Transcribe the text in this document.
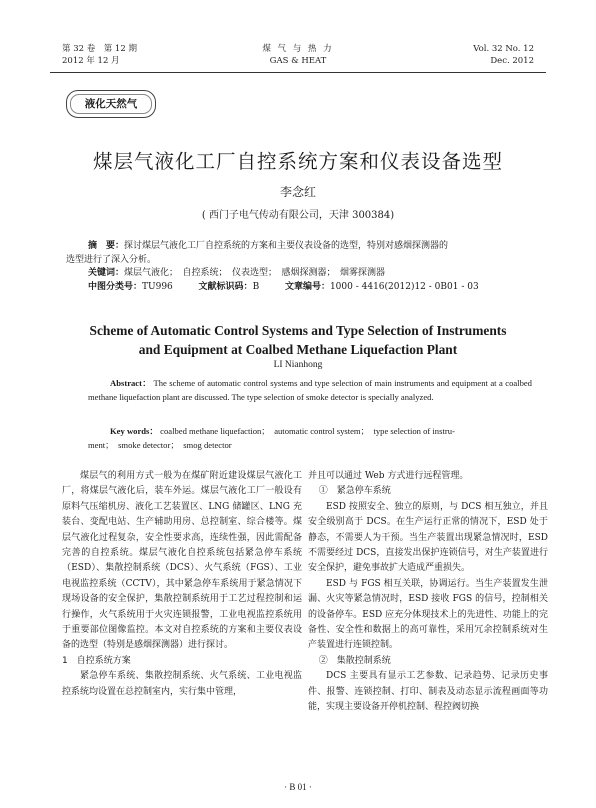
第 32 卷　第 12 期
2012 年 12 月
煤 气 与 热 力
GAS & HEAT
Vol. 32 No. 12
Dec. 2012
液化天然气
煤层气液化工厂自控系统方案和仪表设备选型
李念红
( 西门子电气传动有限公司，天津 300384)
摘　要：探讨煤层气液化工厂自控系统的方案和主要仪表设备的选型，特别对感烟探测器的
选型进行了深入分析。
关键词：煤层气液化；　自控系统；　仪表选型；　感烟探测器；　烟雾探测器
中图分类号：TU996	文献标识码：B	文章编号：1000 - 4416(2012)12 - 0B01 - 03
Scheme of Automatic Control Systems and Type Selection of Instruments
and Equipment at Coalbed Methane Liquefaction Plant
LI Nianhong
Abstract： The scheme of automatic control systems and type selection of main instruments and equipment at a coalbed methane liquefaction plant are discussed. The type selection of smoke detector is specially analyzed.
Key words： coalbed methane liquefaction；　automatic control system；　type selection of instru-
ment；　smoke detector；　smog detector

煤层气的利用方式一般为在煤矿附近建设煤层气液化工厂，将煤层气液化后，装车外运。煤层气液化工厂一般设有原料气压缩机房、液化工艺装置区、LNG 储罐区、LNG 充装台、变配电站、生产辅助用房、总控制室、综合楼等。煤层气液化过程复杂，安全性要求高，连续性强，因此需配备完善的自控系统。煤层气液化自控系统包括紧急停车系统（ESD）、集散控制系统（DCS）、火气系统（FGS）、工业电视监控系统（CCTV），其中紧急停车系统用于紧急情况下现场设备的安全保护，集散控制系统用于工艺过程控制和运行操作，火气系统用于火灾连锁报警，工业电视监控系统用于重要部位图像监控。本文对自控系统的方案和主要仪表设备的选型（特别是感烟探测器）进行探讨。

1　自控系统方案

紧急停车系统、集散控制系统、火气系统、工业电视监控系统均设置在总控制室内，实行集中管理，

并且可以通过 Web 方式进行远程管理。

①　紧急停车系统

ESD 按照安全、独立的原则，与 DCS 相互独立，并且安全级别高于 DCS。在生产运行正常的情况下，ESD 处于静态，不需要人为干预。当生产装置出现紧急情况时，ESD 不需要经过 DCS，直接发出保护连锁信号，对生产装置进行安全保护，避免事故扩大造成严重损失。

ESD 与 FGS 相互关联，协调运行。当生产装置发生泄漏、火灾等紧急情况时，ESD 接收 FGS 的信号，控制相关的设备停车。ESD 应充分体现技术上的先进性、功能上的完备性、安全性和数据上的高可靠性，采用冗余控制系统对生产装置进行连锁控制。

②　集散控制系统

DCS 主要具有显示工艺参数、记录趋势、记录历史事件、报警、连锁控制、打印、制表及动态显示流程画面等功能，实现主要设备开停机控制、程控阀切换

· B 01 ·
